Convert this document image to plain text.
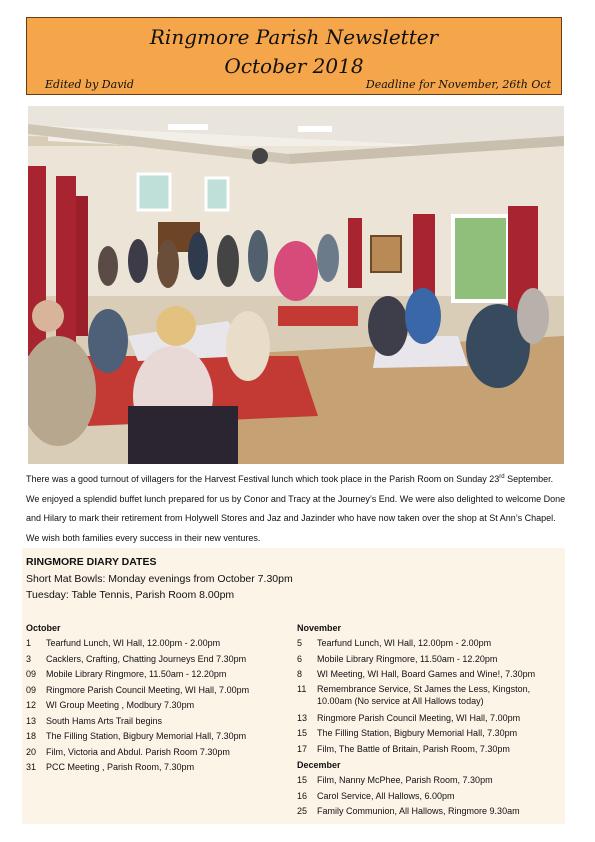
Ringmore Parish Newsletter
October 2018
Edited by David	Deadline for November, 26th Oct
There was a good turnout of villagers for the Harvest Festival lunch which took place in the Parish Room on Sunday 23rd September. We enjoyed a splendid buffet lunch prepared for us by Conor and Tracy at the Journey’s End. We were also delighted to welcome Done and Hilary to mark their retirement from Holywell Stores and Jaz and Jazinder who have now taken over the shop at St Ann’s Chapel. We wish both families every success in their new ventures.
RINGMORE DIARY DATES
Short Mat Bowls: Monday evenings from October 7.30pm
Tuesday: Table Tennis, Parish Room 8.00pm
October
1	Tearfund Lunch, WI Hall, 12.00pm - 2.00pm
3	Cacklers, Crafting, Chatting Journeys End 7.30pm
09	Mobile Library Ringmore, 11.50am - 12.20pm
09	Ringmore Parish Council Meeting, WI Hall, 7.00pm
12	WI Group Meeting , Modbury 7.30pm
13	South Hams Arts Trail begins
18	The Filling Station, Bigbury Memorial Hall, 7.30pm
20	Film, Victoria and Abdul. Parish Room 7.30pm
31	PCC Meeting , Parish Room, 7.30pm
November
5	Tearfund Lunch, WI Hall, 12.00pm - 2.00pm
6	Mobile Library Ringmore, 11.50am - 12.20pm
8	WI Meeting, WI Hall, Board Games and Wine!, 7.30pm
11	Remembrance Service, St James the Less, Kingston, 10.00am (No service at All Hallows today)
13	Ringmore Parish Council Meeting, WI Hall, 7.00pm
15	The Filling Station, Bigbury Memorial Hall, 7.30pm
17	Film, The Battle of Britain, Parish Room, 7.30pm
December
15	Film, Nanny McPhee, Parish Room, 7.30pm
16	Carol Service, All Hallows, 6.00pm
25	Family Communion, All Hallows, Ringmore 9.30am
